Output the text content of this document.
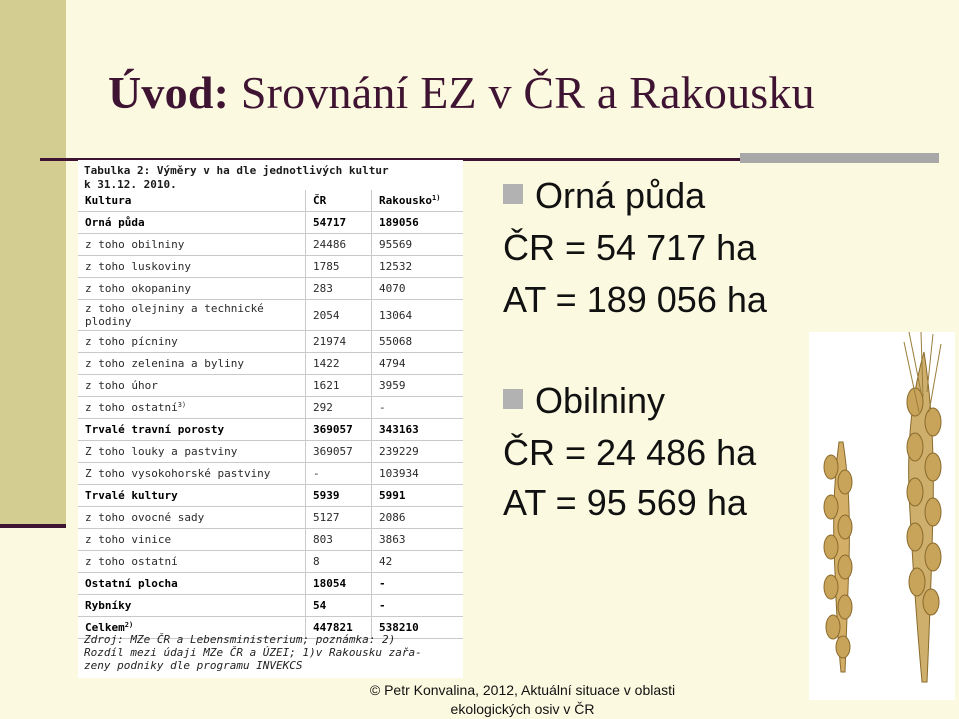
Úvod: Srovnání EZ v ČR a Rakousku
Tabulka 2: Výměry v ha dle jednotlivých kultur
k 31.12. 2010.
Kultura	ČR	Rakousko$^{1)}$
Orná půda	54717	189056
z toho obilniny	24486	95569
z toho luskoviny	1785	12532
z toho okopaniny	283	4070
z toho olejniny a technické
plodiny	2054	13064
z toho pícniny	21974	55068
z toho zelenina a byliny	1422	4794
z toho úhor	1621	3959
z toho ostatní$^{3)}$	292	-
Trvalé travní porosty	369057	343163
Z toho louky a pastviny	369057	239229
Z toho vysokohorské pastviny	-	103934
Trvalé kultury	5939	5991
z toho ovocné sady	5127	2086
z toho vinice	803	3863
z toho ostatní	8	42
Ostatní plocha	18054	-
Rybníky	54	-
Celkem$^{2)}$	447821	538210
Zdroj: MZe ČR a Lebensministerium; poznámka: 2)
Rozdíl mezi údaji MZe ČR a ÚZEI; 1)v Rakousku zařa-
zeny podniky dle programu INVEKCS
Orná půda
ČR = 54 717 ha
AT = 189 056 ha
Obilniny
ČR = 24 486 ha
AT = 95 569 ha
© Petr Konvalina, 2012, Aktuální situace v oblasti
ekologických osiv v ČR
